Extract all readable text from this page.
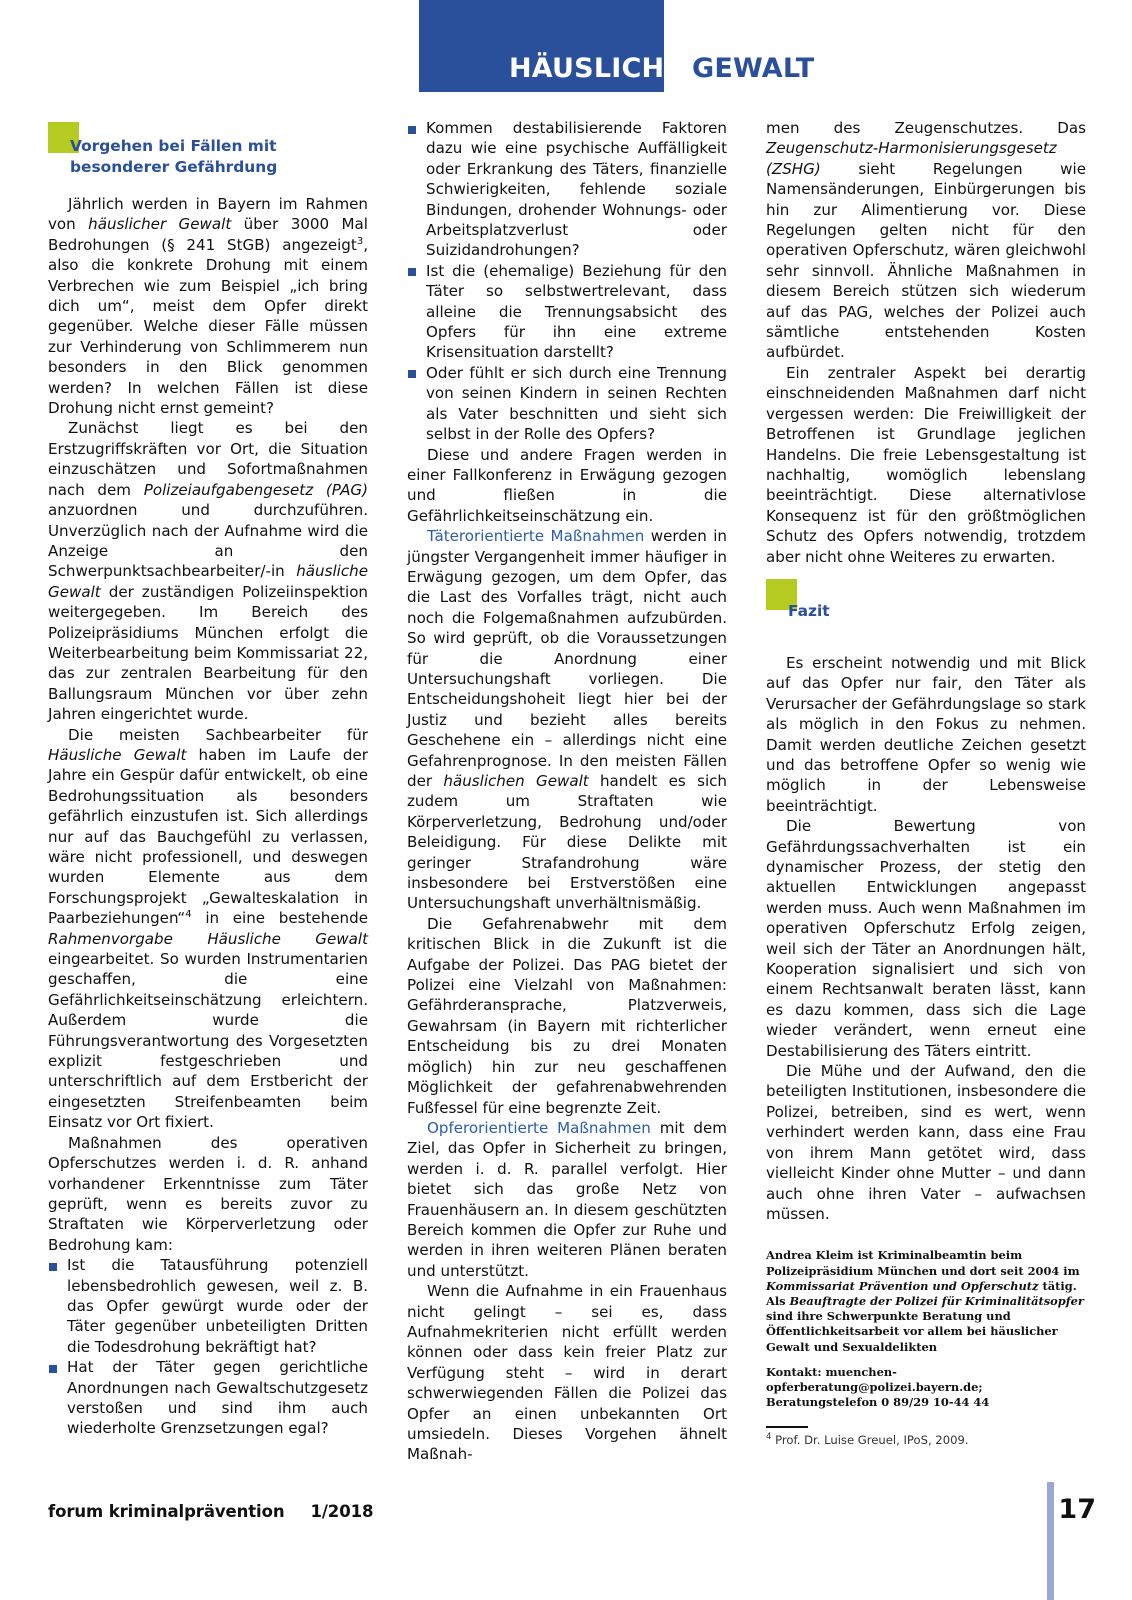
HÄUSLICHE GEWALT
Vorgehen bei Fällen mit
besonderer Gefährdung

Jährlich werden in Bayern im Rahmen von häuslicher Gewalt über 3000 Mal Bedrohungen (§ 241 StGB) angezeigt$^3$, also die konkrete Drohung mit einem Verbrechen wie zum Beispiel „ich bring dich um“, meist dem Opfer direkt gegenüber. Welche dieser Fälle müssen zur Verhinderung von Schlimmerem nun besonders in den Blick genommen werden? In welchen Fällen ist diese Drohung nicht ernst gemeint?

Zunächst liegt es bei den Erstzugriffskräften vor Ort, die Situation einzuschätzen und Sofortmaßnahmen nach dem Polizeiaufgabengesetz (PAG) anzuordnen und durchzuführen. Unverzüglich nach der Aufnahme wird die Anzeige an den Schwerpunktsachbearbeiter/-in häusliche Gewalt der zuständigen Polizeiinspektion weitergegeben. Im Bereich des Polizeipräsidiums München erfolgt die Weiterbearbeitung beim Kommissariat 22, das zur zentralen Bearbeitung für den Ballungsraum München vor über zehn Jahren eingerichtet wurde.

Die meisten Sachbearbeiter für Häusliche Gewalt haben im Laufe der Jahre ein Gespür dafür entwickelt, ob eine Bedrohungssituation als besonders gefährlich einzustufen ist. Sich allerdings nur auf das Bauchgefühl zu verlassen, wäre nicht professionell, und deswegen wurden Elemente aus dem Forschungsprojekt „Gewalteskalation in Paarbeziehungen“$^4$ in eine bestehende Rahmenvorgabe Häusliche Gewalt eingearbeitet. So wurden Instrumentarien geschaffen, die eine Gefährlichkeitseinschätzung erleichtern. Außerdem wurde die Führungsverantwortung des Vorgesetzten explizit festgeschrieben und unterschriftlich auf dem Erstbericht der eingesetzten Streifenbeamten beim Einsatz vor Ort fixiert.

Maßnahmen des operativen Opferschutzes werden i. d. R. anhand vorhandener Erkenntnisse zum Täter geprüft, wenn es bereits zuvor zu Straftaten wie Körperverletzung oder Bedrohung kam:

Ist die Tatausführung potenziell lebensbedrohlich gewesen, weil z. B. das Opfer gewürgt wurde oder der Täter gegenüber unbeteiligten Dritten die Todesdrohung bekräftigt hat?
Hat der Täter gegen gerichtliche Anordnungen nach Gewaltschutzgesetz verstoßen und sind ihm auch wiederholte Grenzsetzungen egal?
Kommen destabilisierende Faktoren dazu wie eine psychische Auffälligkeit oder Erkrankung des Täters, finanzielle Schwierigkeiten, fehlende soziale Bindungen, drohender Wohnungs- oder Arbeitsplatzverlust oder Suizidandrohungen?
Ist die (ehemalige) Beziehung für den Täter so selbstwertrelevant, dass alleine die Trennungsabsicht des Opfers für ihn eine extreme Krisensituation darstellt?
Oder fühlt er sich durch eine Trennung von seinen Kindern in seinen Rechten als Vater beschnitten und sieht sich selbst in der Rolle des Opfers?

Diese und andere Fragen werden in einer Fallkonferenz in Erwägung gezogen und fließen in die Gefährlichkeitseinschätzung ein.

Täterorientierte Maßnahmen werden in jüngster Vergangenheit immer häufiger in Erwägung gezogen, um dem Opfer, das die Last des Vorfalles trägt, nicht auch noch die Folgemaßnahmen aufzubürden. So wird geprüft, ob die Voraussetzungen für die Anordnung einer Untersuchungshaft vorliegen. Die Entscheidungshoheit liegt hier bei der Justiz und bezieht alles bereits Geschehene ein – allerdings nicht eine Gefahrenprognose. In den meisten Fällen der häuslichen Gewalt handelt es sich zudem um Straftaten wie Körperverletzung, Bedrohung und/oder Beleidigung. Für diese Delikte mit geringer Strafandrohung wäre insbesondere bei Erstverstößen eine Untersuchungshaft unverhältnismäßig.

Die Gefahrenabwehr mit dem kritischen Blick in die Zukunft ist die Aufgabe der Polizei. Das PAG bietet der Polizei eine Vielzahl von Maßnahmen: Gefährderansprache, Platzverweis, Gewahrsam (in Bayern mit richterlicher Entscheidung bis zu drei Monaten möglich) hin zur neu geschaffenen Möglichkeit der gefahrenabwehrenden Fußfessel für eine begrenzte Zeit.

Opferorientierte Maßnahmen mit dem Ziel, das Opfer in Sicherheit zu bringen, werden i. d. R. parallel verfolgt. Hier bietet sich das große Netz von Frauenhäusern an. In diesem geschützten Bereich kommen die Opfer zur Ruhe und werden in ihren weiteren Plänen beraten und unterstützt.

Wenn die Aufnahme in ein Frauenhaus nicht gelingt – sei es, dass Aufnahmekriterien nicht erfüllt werden können oder dass kein freier Platz zur Verfügung steht – wird in derart schwerwiegenden Fällen die Polizei das Opfer an einen unbekannten Ort umsiedeln. Dieses Vorgehen ähnelt Maßnah-

men des Zeugenschutzes. Das Zeugenschutz-Harmonisierungsgesetz (ZSHG) sieht Regelungen wie Namensänderungen, Einbürgerungen bis hin zur Alimentierung vor. Diese Regelungen gelten nicht für den operativen Opferschutz, wären gleichwohl sehr sinnvoll. Ähnliche Maßnahmen in diesem Bereich stützen sich wiederum auf das PAG, welches der Polizei auch sämtliche entstehenden Kosten aufbürdet.

Ein zentraler Aspekt bei derartig einschneidenden Maßnahmen darf nicht vergessen werden: Die Freiwilligkeit der Betroffenen ist Grundlage jeglichen Handelns. Die freie Lebensgestaltung ist nachhaltig, womöglich lebenslang beeinträchtigt. Diese alternativlose Konsequenz ist für den größtmöglichen Schutz des Opfers notwendig, trotzdem aber nicht ohne Weiteres zu erwarten.

Fazit

Es erscheint notwendig und mit Blick auf das Opfer nur fair, den Täter als Verursacher der Gefährdungslage so stark als möglich in den Fokus zu nehmen. Damit werden deutliche Zeichen gesetzt und das betroffene Opfer so wenig wie möglich in der Lebensweise beeinträchtigt.

Die Bewertung von Gefährdungssachverhalten ist ein dynamischer Prozess, der stetig den aktuellen Entwicklungen angepasst werden muss. Auch wenn Maßnahmen im operativen Opferschutz Erfolg zeigen, weil sich der Täter an Anordnungen hält, Kooperation signalisiert und sich von einem Rechtsanwalt beraten lässt, kann es dazu kommen, dass sich die Lage wieder verändert, wenn erneut eine Destabilisierung des Täters eintritt.

Die Mühe und der Aufwand, den die beteiligten Institutionen, insbesondere die Polizei, betreiben, sind es wert, wenn verhindert werden kann, dass eine Frau von ihrem Mann getötet wird, dass vielleicht Kinder ohne Mutter – und dann auch ohne ihren Vater – aufwachsen müssen.

Andrea Kleim ist Kriminalbeamtin beim Polizeipräsidium München und dort seit 2004 im Kommissariat Prävention und Opferschutz tätig. Als Beauftragte der Polizei für Kriminalitätsopfer sind ihre Schwerpunkte Beratung und Öffentlichkeitsarbeit vor allem bei häuslicher Gewalt und Sexualdelikten
Kontakt: muenchen-opferberatung@polizei.bayern.de; Beratungstelefon 0 89/29 10-44 44
$^4$ Prof. Dr. Luise Greuel, IPoS, 2009.
forum kriminalprävention 1/2018	17
